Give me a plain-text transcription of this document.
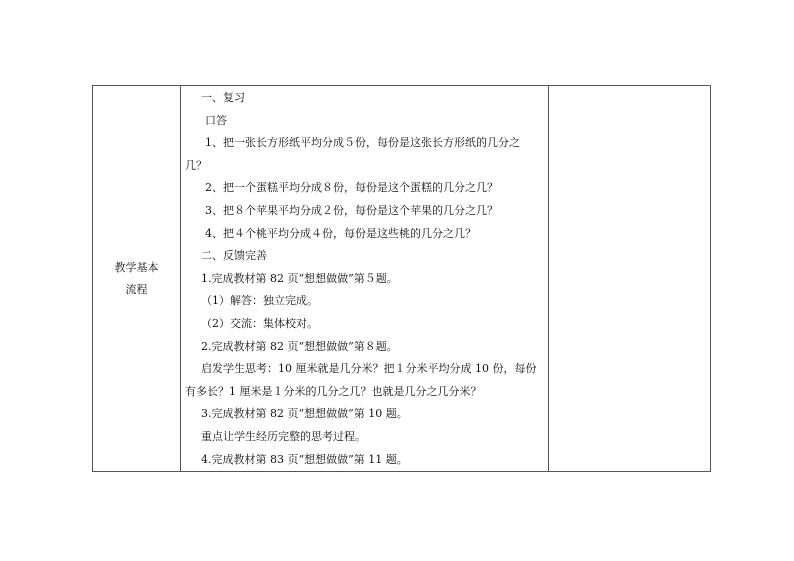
教学基本
流程

一、复习
口答
1、把一张长方形纸平均分成５份，每份是这张长方形纸的几分之
几？
2、把一个蛋糕平均分成８份，每份是这个蛋糕的几分之几？
3、把８个苹果平均分成２份，每份是这个苹果的几分之几？
4、把４个桃平均分成４份，每份是这些桃的几分之几？
二、反馈完善
1.完成教材第 82 页“想想做做”第５题。
（1）解答：独立完成。
（2）交流：集体校对。
2.完成教材第 82 页“想想做做”第８题。
启发学生思考：10 厘米就是几分米？把１分米平均分成 10 份，每份
有多长？1 厘米是１分米的几分之几？也就是几分之几分米？
3.完成教材第 82 页“想想做做”第 10 题。
重点让学生经历完整的思考过程。
4.完成教材第 83 页“想想做做”第 11 题。
